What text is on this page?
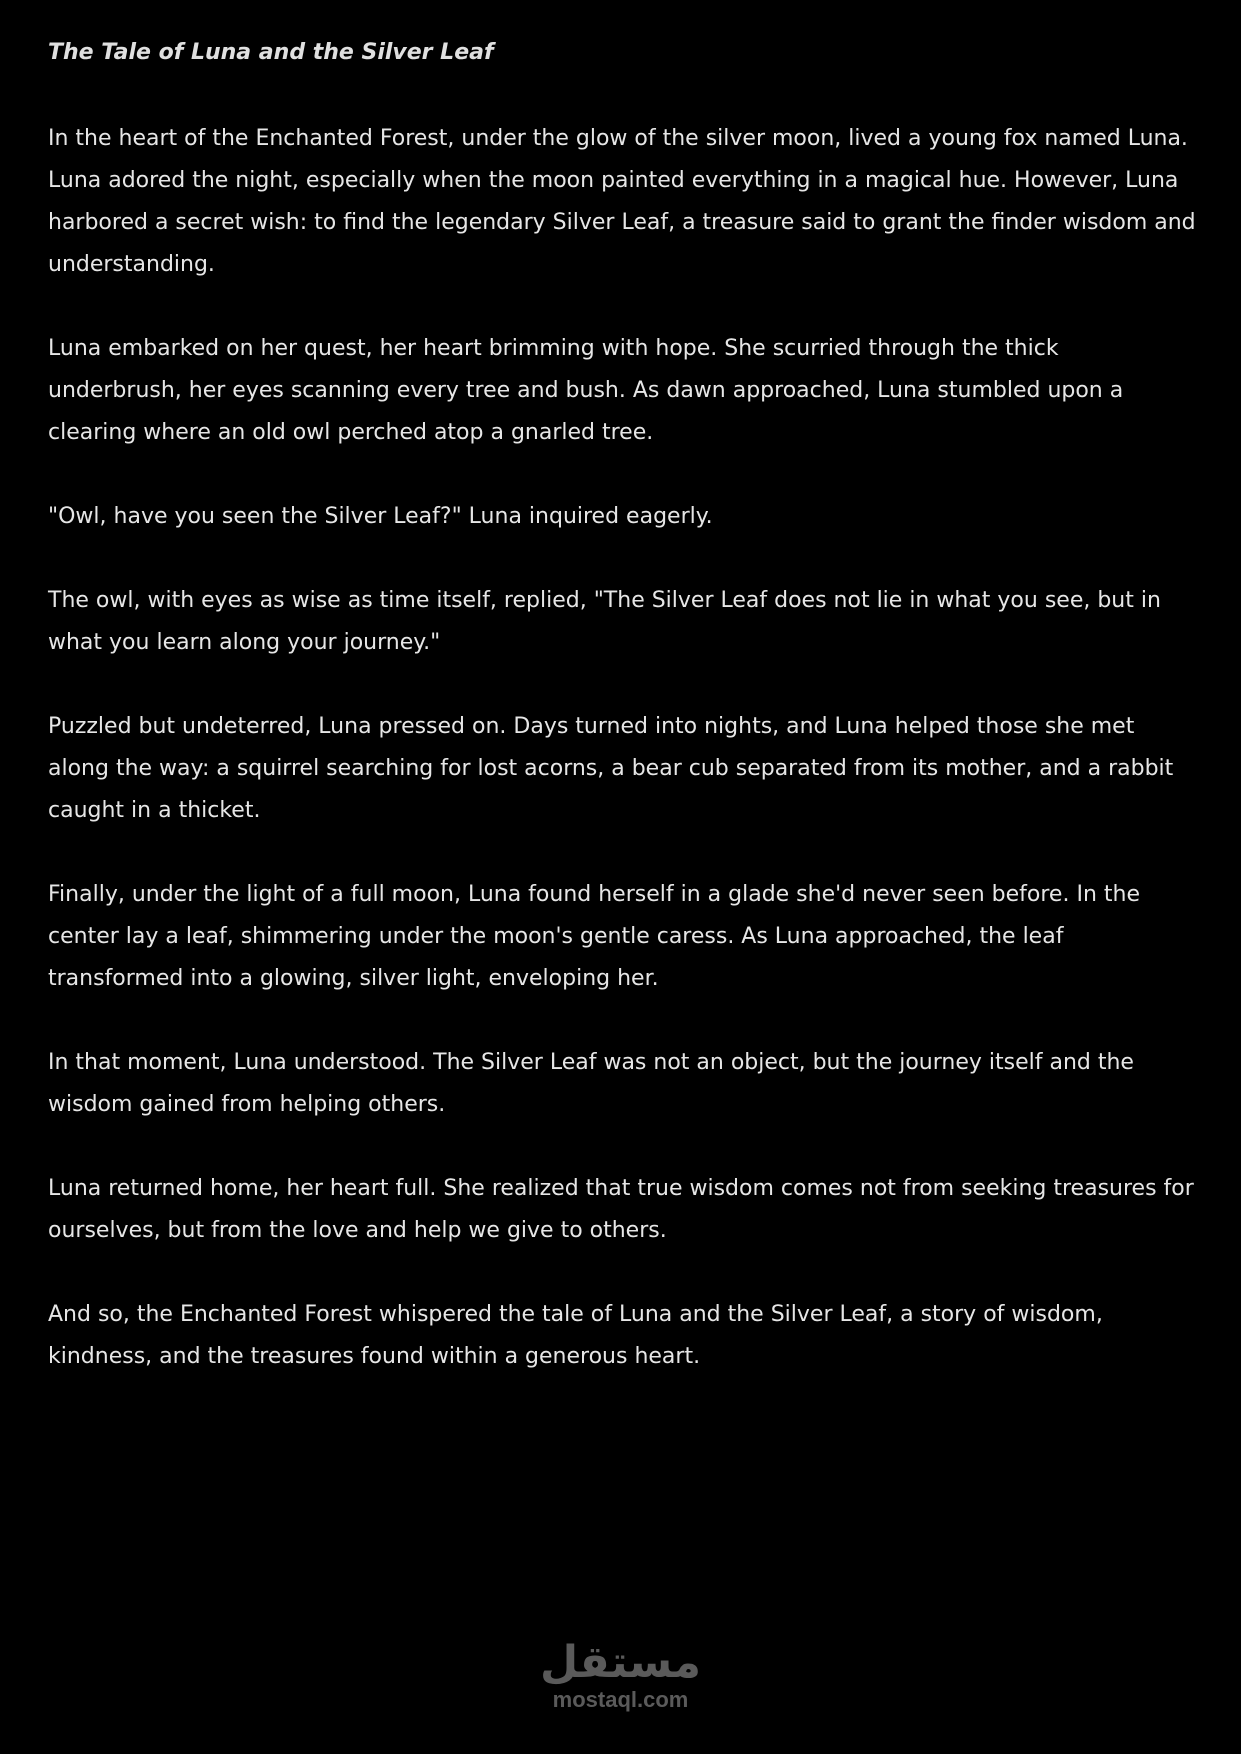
The Tale of Luna and the Silver Leaf

In the heart of the Enchanted Forest, under the glow of the silver moon, lived a young fox named Luna. Luna adored the night, especially when the moon painted everything in a magical hue. However, Luna harbored a secret wish: to find the legendary Silver Leaf, a treasure said to grant the finder wisdom and understanding.

Luna embarked on her quest, her heart brimming with hope. She scurried through the thick underbrush, her eyes scanning every tree and bush. As dawn approached, Luna stumbled upon a clearing where an old owl perched atop a gnarled tree.

"Owl, have you seen the Silver Leaf?" Luna inquired eagerly.

The owl, with eyes as wise as time itself, replied, "The Silver Leaf does not lie in what you see, but in what you learn along your journey."

Puzzled but undeterred, Luna pressed on. Days turned into nights, and Luna helped those she met along the way: a squirrel searching for lost acorns, a bear cub separated from its mother, and a rabbit caught in a thicket.

Finally, under the light of a full moon, Luna found herself in a glade she'd never seen before. In the center lay a leaf, shimmering under the moon's gentle caress. As Luna approached, the leaf transformed into a glowing, silver light, enveloping her.

In that moment, Luna understood. The Silver Leaf was not an object, but the journey itself and the wisdom gained from helping others.

Luna returned home, her heart full. She realized that true wisdom comes not from seeking treasures for ourselves, but from the love and help we give to others.

And so, the Enchanted Forest whispered the tale of Luna and the Silver Leaf, a story of wisdom, kindness, and the treasures found within a generous heart.

مستقل
mostaql.com
